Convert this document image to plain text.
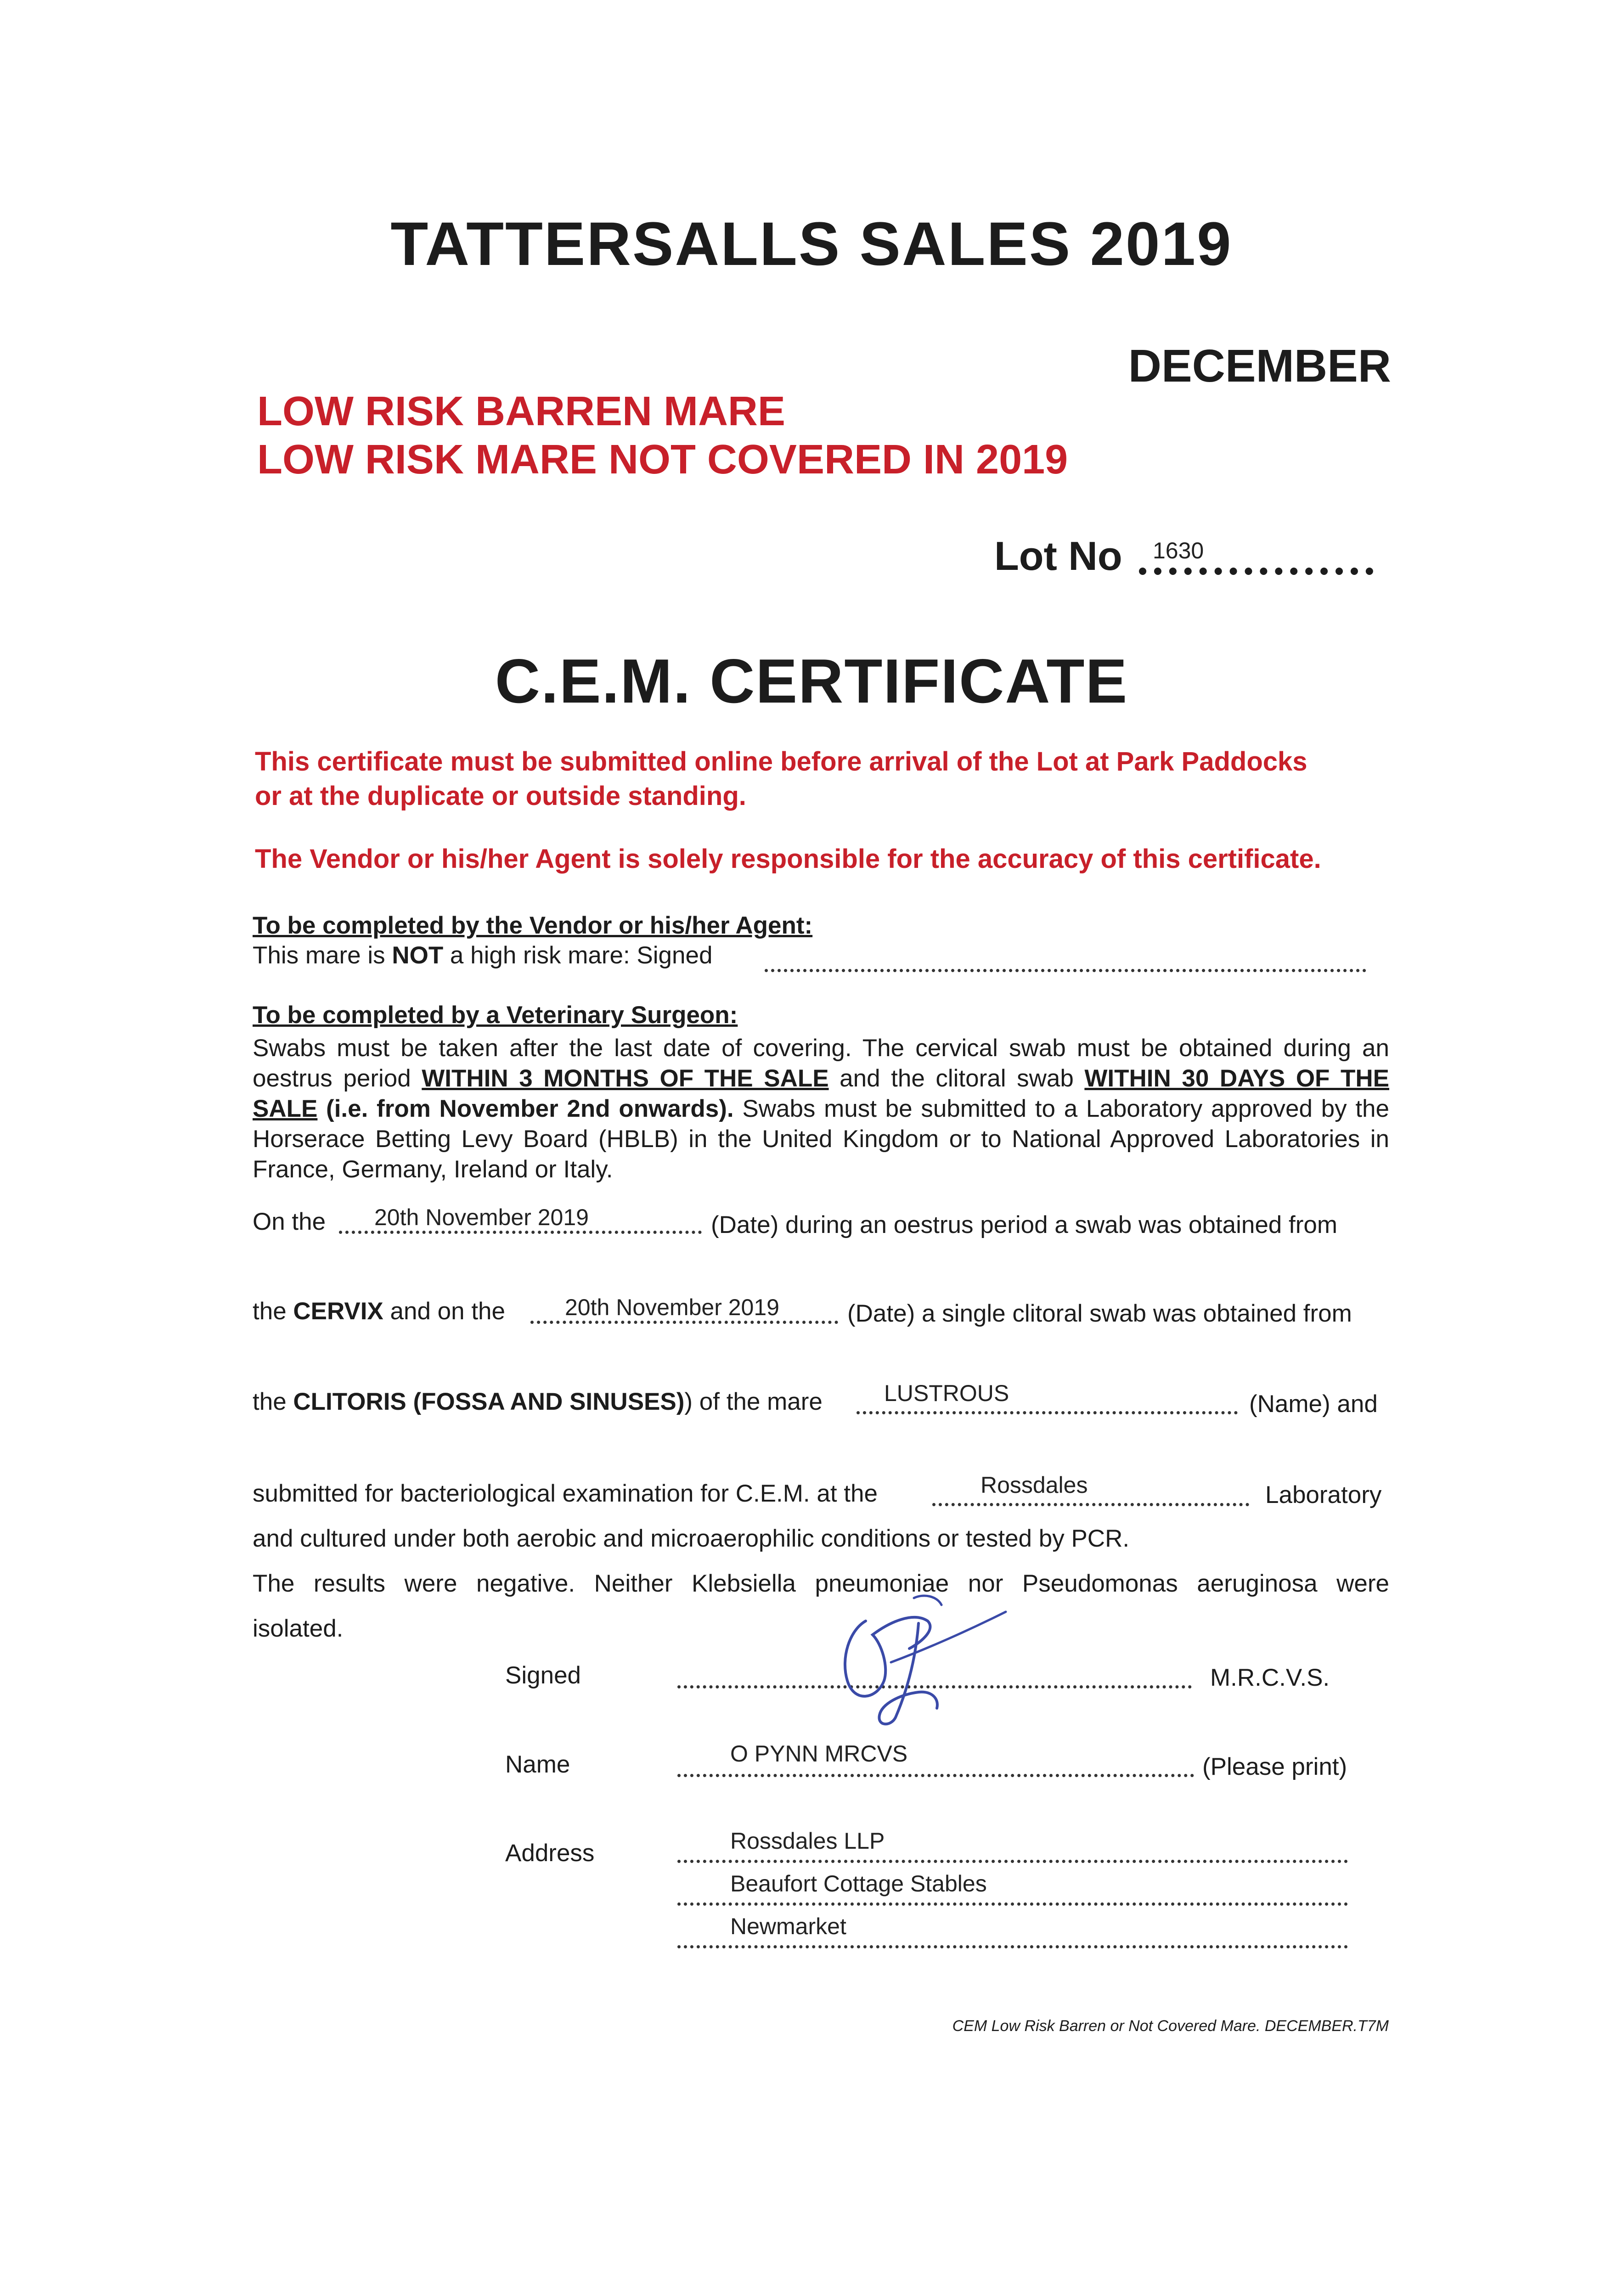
TATTERSALLS SALES 2019
DECEMBER
LOW RISK BARREN MARE
LOW RISK MARE NOT COVERED IN 2019
Lot No 1630
C.E.M. CERTIFICATE
This certificate must be submitted online before arrival of the Lot at Park Paddocks
or at the duplicate or outside standing.
The Vendor or his/her Agent is solely responsible for the accuracy of this certificate.
To be completed by the Vendor or his/her Agent:
This mare is NOT a high risk mare: Signed
To be completed by a Veterinary Surgeon:
Swabs must be taken after the last date of covering. The cervical swab must be obtained during an oestrus period WITHIN 3 MONTHS OF THE SALE and the clitoral swab WITHIN 30 DAYS OF THE SALE (i.e. from November 2nd onwards). Swabs must be submitted to a Laboratory approved by the Horserace Betting Levy Board (HBLB) in the United Kingdom or to National Approved Laboratories in France, Germany, Ireland or Italy.
On the 20th November 2019	(Date) during an oestrus period a swab was obtained from
the CERVIX and on the	20th November 2019	(Date) a single clitoral swab was obtained from
the CLITORIS (FOSSA AND SINUSES)) of the mare	LUSTROUS	(Name) and
submitted for bacteriological examination for C.E.M. at the	Rossdales	Laboratory
and cultured under both aerobic and microaerophilic conditions or tested by PCR.
The results were negative. Neither Klebsiella pneumoniae nor Pseudomonas aeruginosa were
isolated.
Signed	M.R.C.V.S.
Name	O PYNN MRCVS	(Please print)
Address	Rossdales LLP
Beaufort Cottage Stables
Newmarket
CEM Low Risk Barren or Not Covered Mare. DECEMBER.T7M
